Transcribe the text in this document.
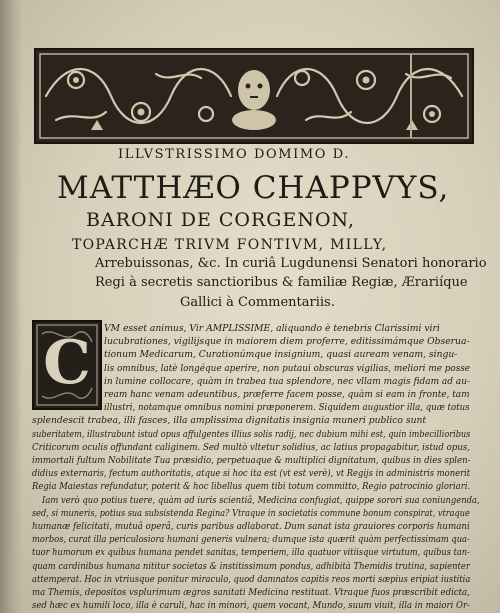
ILLVSTRISSIMO DOMIMO D.
MATTHÆO CHAPPVYS,
BARONI DE CORGENON,
TOPARCHÆ TRIVM FONTIVM, MILLY,
Arrebuissonas, &c. In curiâ Lugdunensi Senatori honorario
Regi à secretis sanctioribus & familiæ Regiæ, Ærariíque
Gallici à Commentariis.
C	VM esset animus, Vir AMPLISSIME, aliquando è tenebris Clarissimi viri
lucubrationes, vigilijsque in maiorem diem proferre, editissimámque Obserua-
tionum Medicarum, Curationúmque insignium, quasi auream venam, singu-
lis omnibus, latè longéque aperire, non putaui obscuras vigilias, meliori me posse
in lumine collocare, quàm in trabea tua splendore, nec vllam magis fidam ad au-
ream hanc venam adeuntibus, præferre facem posse, quàm si eam in fronte, tam
illustri, notamque omnibus nomini præponerem. Siquidem augustior illa, quæ totus
splendescit trabea, illi fasces, illa amplissima dignitatis insignia muneri publico sunt
suberitatem, illustrabunt istud opus affulgentes illius solis radij, nec dubium mihi est, quin imbecillioribus
Criticorum oculis offundant caliginem. Sed multò vltetur solidius, ac latius propagabitur, istud opus,
immortali fultum Nobilitate Tua præsidio, perpetuaque & multiplici dignitatum, quibus in dies splen-
didius externaris, fectum authoritatis, atque si hoc ita est (vt est verè), vt Regijs in administris monerit
Regia Maiestas refundatur, poterit & hoc libellus quem tibi totum committo, Regio patrocinio gloriari.
Iam verò quo potius tuere, quàm ad iuris scientiâ, Medicina confugiat, quippe sorori sua coniungenda,
sed, si muneris, potius sua subsistenda Regina? Vtraque in societatis commune bonum conspirat, vtraque
humanæ felicitati, mutuâ operâ, curis paribus adlaborat. Dum sanat ista grauiores corporis humani
morbos, curat illa periculosiora humani generis vulnera; dumque ista quærit quàm perfectissimam qua-
tuor humorum ex quibus humana pendet sanitas, temperiem, illa quatuor vitiisque virtutum, quibus tan-
quam cardinibus humana nititur societas & institissimum pondus, adhibità Themidis trutina, sapienter
attemperat. Hoc in vtriusque ponitur miraculo, quod damnatos capitis reos morti sæpius eripiat iustitia
ma Themis, depositos vsplurimum ægros sanitati Medicina restituat. Vtraque fuos præscribit edicta,
sed hæc ex humili loco, illa è caruli, hac in minori, quem vocant, Mundo, suum viuit, illa in maiori Or-
